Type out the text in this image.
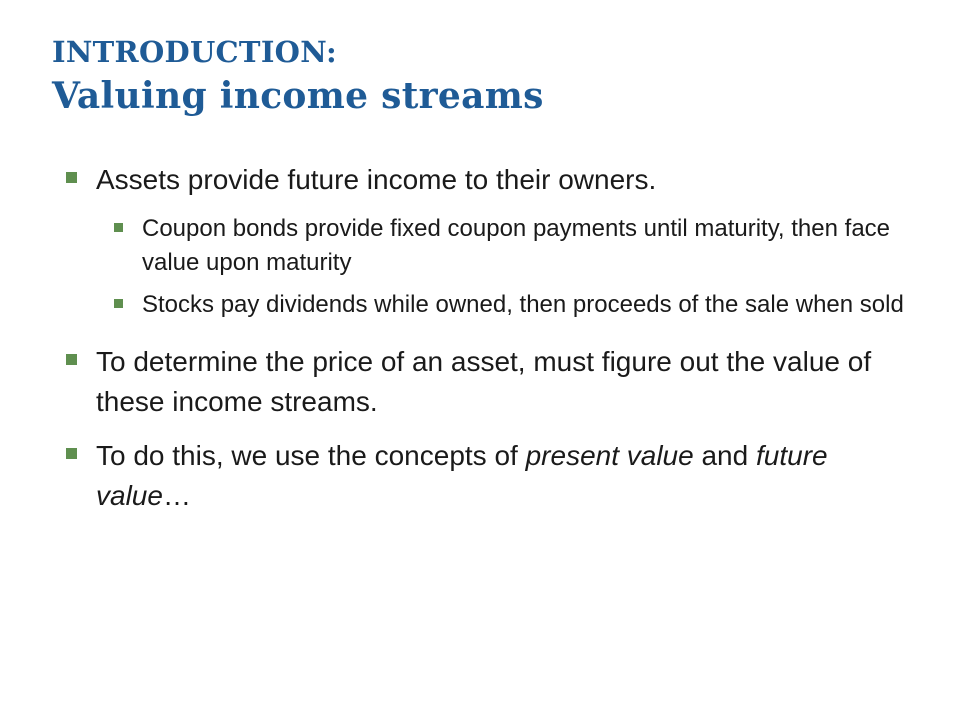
INTRODUCTION:
Valuing income streams
Assets provide future income to their owners.
Coupon bonds provide fixed coupon payments until maturity, then face value upon maturity
Stocks pay dividends while owned, then proceeds of the sale when sold
To determine the price of an asset, must figure out the value of these income streams.
To do this, we use the concepts of present value and future value…
